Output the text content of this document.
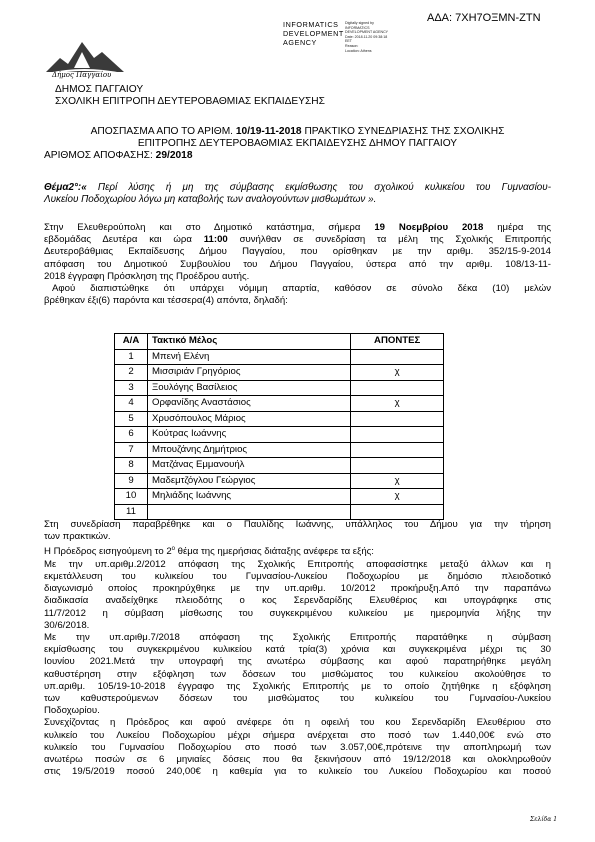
ΑΔΑ: 7ΧΗ7ΟΞΜΝ-ΖΤΝ
Δήμος Παγγαίου
INFORMATICS
DEVELOPMENT
AGENCY
Digitally signed by
INFORMATICS
DEVELOPMENT AGENCY
Date: 2018.11.20 09:38:18
EET
Reason:
Location: Athens
ΔΗΜΟΣ ΠΑΓΓΑΙΟΥ
ΣΧΟΛΙΚΗ ΕΠΙΤΡΟΠΗ ΔΕΥΤΕΡΟΒΑΘΜΙΑΣ ΕΚΠΑΙΔΕΥΣΗΣ
ΑΠΟΣΠΑΣΜΑ ΑΠΟ ΤΟ ΑΡΙΘΜ. 10/19-11-2018 ΠΡΑΚΤΙΚΟ ΣΥΝΕΔΡΙΑΣΗΣ ΤΗΣ ΣΧΟΛΙΚΗΣ
ΕΠΙΤΡΟΠΗΣ ΔΕΥΤΕΡΟΒΑΘΜΙΑΣ ΕΚΠΑΙΔΕΥΣΗΣ ΔΗΜΟΥ ΠΑΓΓΑΙΟΥ
ΑΡΙΘΜΟΣ ΑΠΟΦΑΣΗΣ: 29/2018
Θέμα2°:« Περί λύσης ή μη της σύμβασης εκμίσθωσης του σχολικού κυλικείου του Γυμνασίου-
Λυκείου Ποδοχωρίου λόγω μη καταβολής των αναλογούντων μισθωμάτων ».
Στην Ελευθερούπολη και στο Δημοτικό κατάστημα, σήμερα 19 Νοεμβρίου 2018 ημέρα της
εβδομάδας Δευτέρα και ώρα 11:00 συνήλθαν σε συνεδρίαση τα μέλη της Σχολικής Επιτροπής
Δευτεροβάθμιας Εκπαίδευσης Δήμου Παγγαίου, που ορίσθηκαν με την αριθμ. 352/15-9-2014
απόφαση του Δημοτικού Συμβουλίου του Δήμου Παγγαίου, ύστερα από την αριθμ. 108/13-11-
2018 έγγραφη Πρόσκληση της Προέδρου αυτής.
Αφού διαπιστώθηκε ότι υπάρχει νόμιμη απαρτία, καθόσον σε σύνολο δέκα (10) μελών
βρέθηκαν έξι(6) παρόντα και τέσσερα(4) απόντα, δηλαδή:
Α/Α	Τακτικό Μέλος	ΑΠΟΝΤΕΣ
1	Μπενή Ελένη	
2	Μισσιριάν Γρηγόριος	χ
3	Ξουλόγης Βασίλειος	
4	Ορφανίδης Αναστάσιος	χ
5	Χρυσόπουλος Μάριος	
6	Κούτρας Ιωάννης	
7	Μπουζάνης Δημήτριος	
8	Ματζάνας Εμμανουήλ	
9	Μαδεμτζόγλου Γεώργιος	χ
10	Μηλιάδης Ιωάννης	χ
11		
Στη συνεδρίαση παραβρέθηκε και ο Παυλίδης Ιωάννης, υπάλληλος του Δήμου για την τήρηση
των πρακτικών.
Η Πρόεδρος εισηγούμενη το $2^o$ θέμα της ημερήσιας διάταξης ανέφερε τα εξής:
Με την υπ.αριθμ.2/2012 απόφαση της Σχολικής Επιτροπής αποφασίστηκε μεταξύ άλλων και η
εκμετάλλευση του κυλικείου του Γυμνασίου-Λυκείου Ποδοχωρίου με δημόσιο πλειοδοτικό
διαγωνισμό οποίος προκηρύχθηκε με την υπ.αριθμ. 10/2012 προκήρυξη.Από την παραπάνω
διαδικασία αναδείχθηκε πλειοδότης ο κος Σερενδαρίδης Ελευθέριος και υπογράφηκε στις
11/7/2012 η σύμβαση μίσθωσης του συγκεκριμένου κυλικείου με ημερομηνία λήξης την
30/6/2018.
Με την υπ.αριθμ.7/2018 απόφαση της Σχολικής Επιτροπής παρατάθηκε η σύμβαση
εκμίσθωσης του συγκεκριμένου κυλικείου κατά τρία(3) χρόνια και συγκεκριμένα μέχρι τις 30
Ιουνίου 2021.Μετά την υπογραφή της ανωτέρω σύμβασης και αφού παρατηρήθηκε μεγάλη
καθυστέρηση στην εξόφληση των δόσεων του μισθώματος του κυλικείου ακολούθησε το
υπ.αριθμ. 105/19-10-2018 έγγραφο της Σχολικής Επιτροπής με το οποίο ζητήθηκε η εξόφληση
των καθυστερούμενων δόσεων του μισθώματος του κυλικείου του Γυμνασίου-Λυκείου
Ποδοχωρίου.
Συνεχίζοντας η Πρόεδρος και αφού ανέφερε ότι η οφειλή του κου Σερενδαρίδη Ελευθέριου στο
κυλικείο του Λυκείου Ποδοχωρίου μέχρι σήμερα ανέρχεται στο ποσό των 1.440,00€ ενώ στο
κυλικείο του Γυμνασίου Ποδοχωρίου στο ποσό των 3.057,00€,πρότεινε την αποπληρωμή των
ανωτέρω ποσών σε 6 μηνιαίες δόσεις που θα ξεκινήσουν από 19/12/2018 και ολοκληρωθούν
στις 19/5/2019 ποσού 240,00€ η καθεμία για το κυλικείο του Λυκείου Ποδοχωρίου και ποσού
Σελίδα 1
